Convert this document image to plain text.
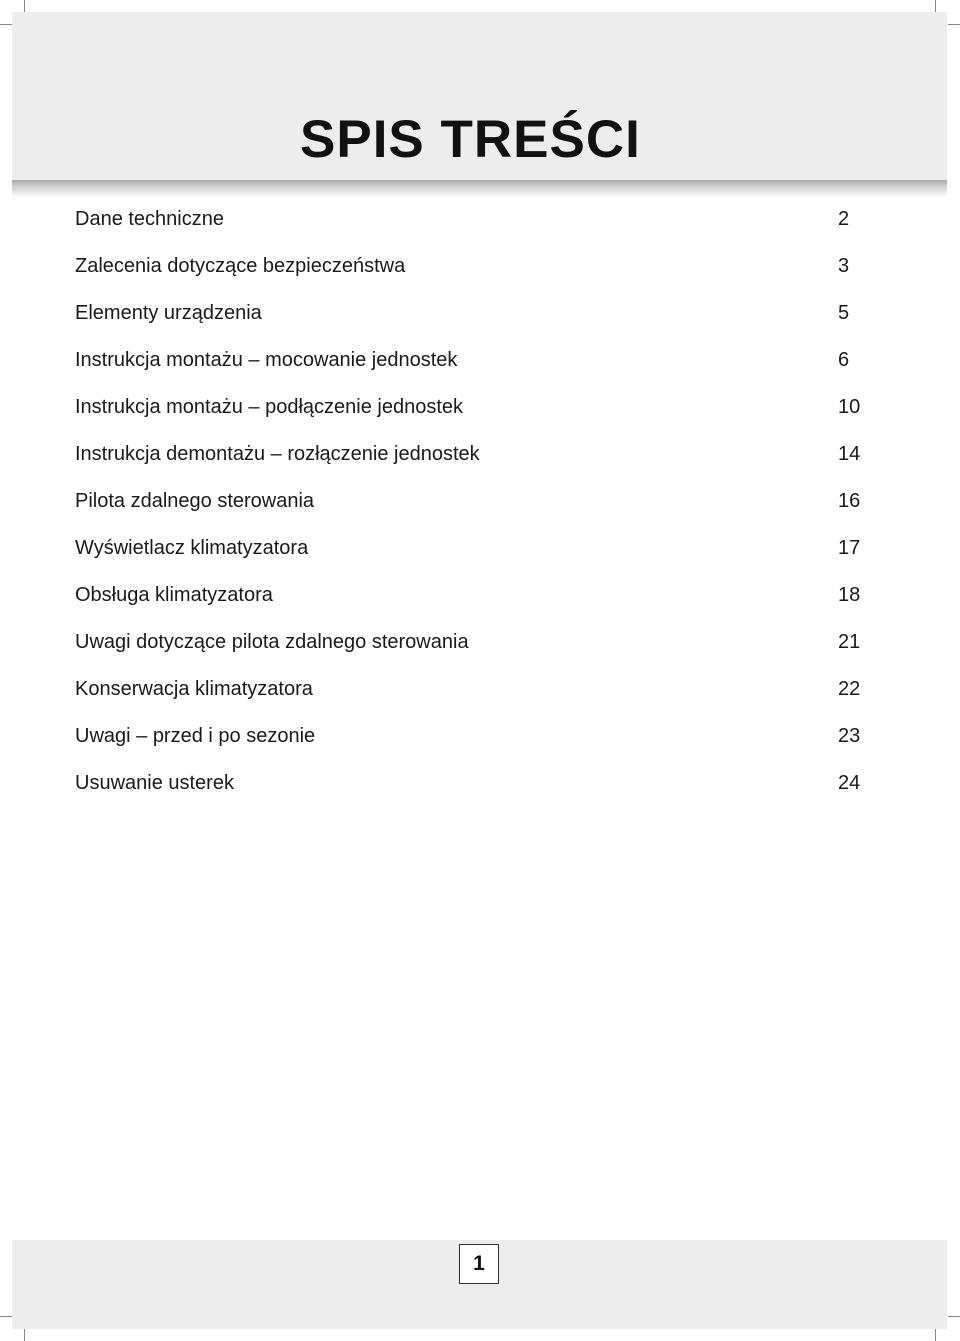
SPIS TREŚCI
Dane techniczne	2
Zalecenia dotyczące bezpieczeństwa	3
Elementy urządzenia	5
Instrukcja montażu – mocowanie jednostek	6
Instrukcja montażu – podłączenie jednostek	10
Instrukcja demontażu – rozłączenie jednostek	14
Pilota zdalnego sterowania	16
Wyświetlacz klimatyzatora	17
Obsługa klimatyzatora	18
Uwagi dotyczące pilota zdalnego sterowania	21
Konserwacja klimatyzatora	22
Uwagi – przed i po sezonie	23
Usuwanie usterek	24
1
